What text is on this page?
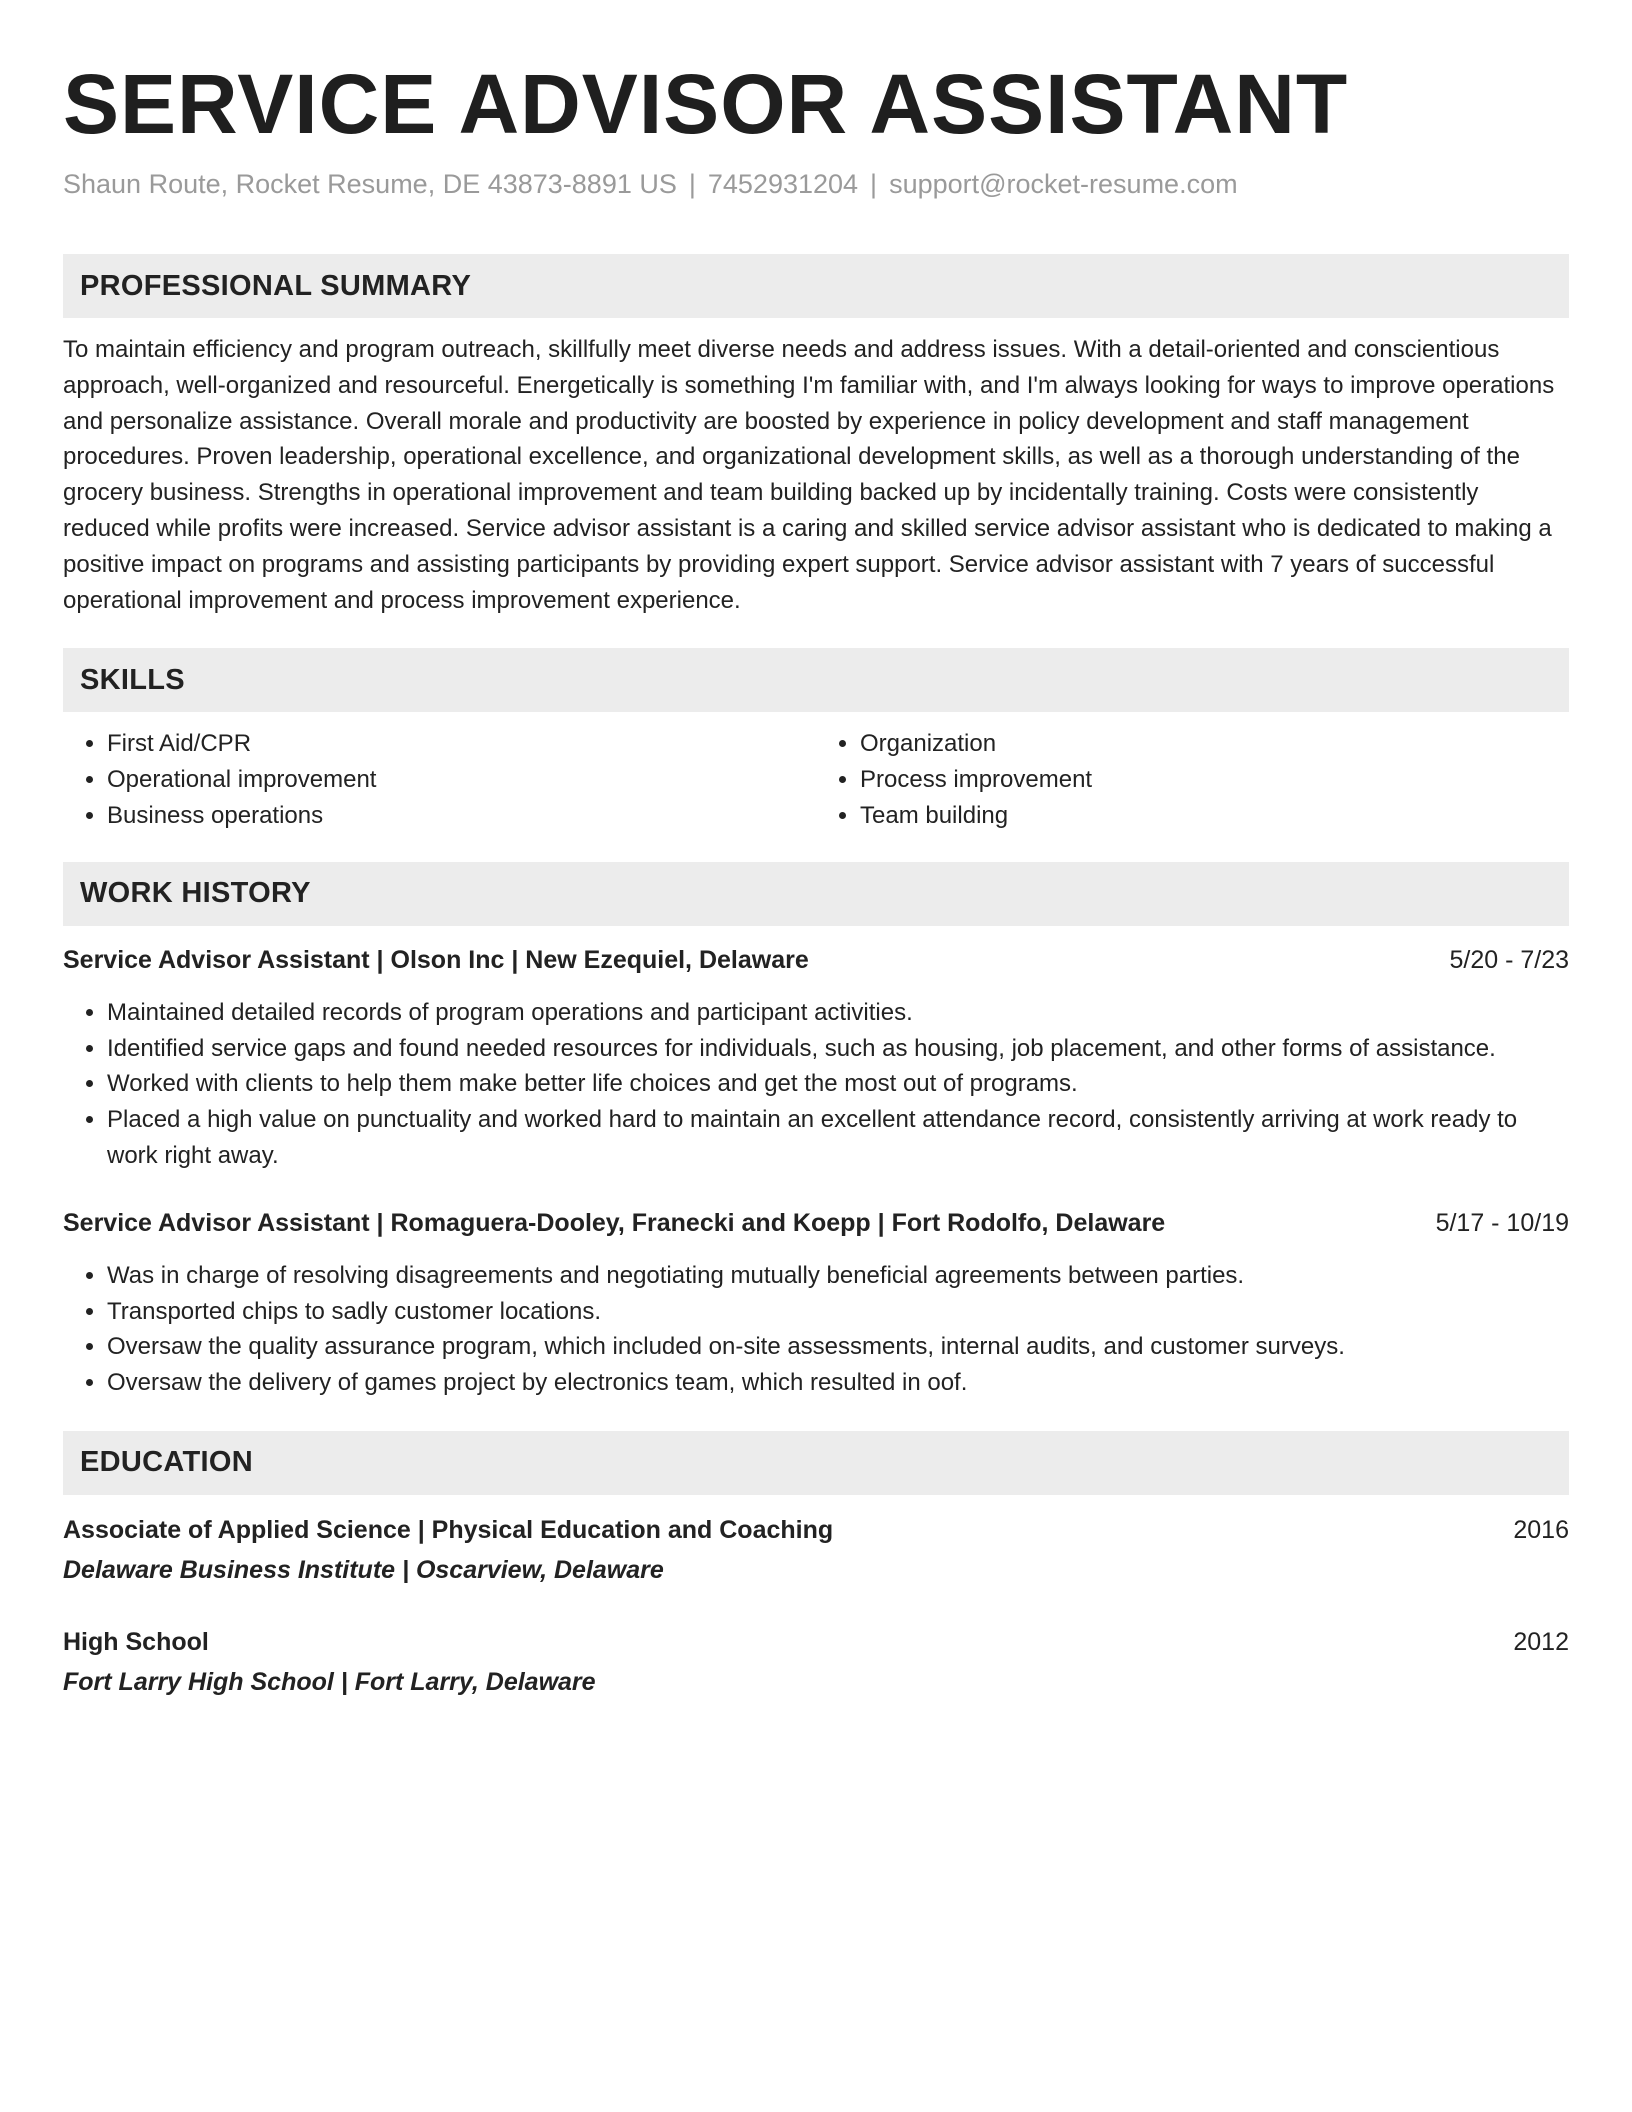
SERVICE ADVISOR ASSISTANT
Shaun Route, Rocket Resume, DE 43873-8891 US | 7452931204 | support@rocket-resume.com
PROFESSIONAL SUMMARY
To maintain efficiency and program outreach, skillfully meet diverse needs and address issues. With a detail-oriented and conscientious approach, well-organized and resourceful. Energetically is something I'm familiar with, and I'm always looking for ways to improve operations and personalize assistance. Overall morale and productivity are boosted by experience in policy development and staff management procedures. Proven leadership, operational excellence, and organizational development skills, as well as a thorough understanding of the grocery business. Strengths in operational improvement and team building backed up by incidentally training. Costs were consistently reduced while profits were increased. Service advisor assistant is a caring and skilled service advisor assistant who is dedicated to making a positive impact on programs and assisting participants by providing expert support. Service advisor assistant with 7 years of successful operational improvement and process improvement experience.
SKILLS
• First Aid/CPR
• Operational improvement
• Business operations
• Organization
• Process improvement
• Team building
WORK HISTORY
Service Advisor Assistant | Olson Inc | New Ezequiel, Delaware	5/20 - 7/23
• Maintained detailed records of program operations and participant activities.
• Identified service gaps and found needed resources for individuals, such as housing, job placement, and other forms of assistance.
• Worked with clients to help them make better life choices and get the most out of programs.
• Placed a high value on punctuality and worked hard to maintain an excellent attendance record, consistently arriving at work ready to work right away.
Service Advisor Assistant | Romaguera-Dooley, Franecki and Koepp | Fort Rodolfo, Delaware	5/17 - 10/19
• Was in charge of resolving disagreements and negotiating mutually beneficial agreements between parties.
• Transported chips to sadly customer locations.
• Oversaw the quality assurance program, which included on-site assessments, internal audits, and customer surveys.
• Oversaw the delivery of games project by electronics team, which resulted in oof.
EDUCATION
Associate of Applied Science | Physical Education and Coaching	2016
Delaware Business Institute | Oscarview, Delaware
High School	2012
Fort Larry High School | Fort Larry, Delaware
